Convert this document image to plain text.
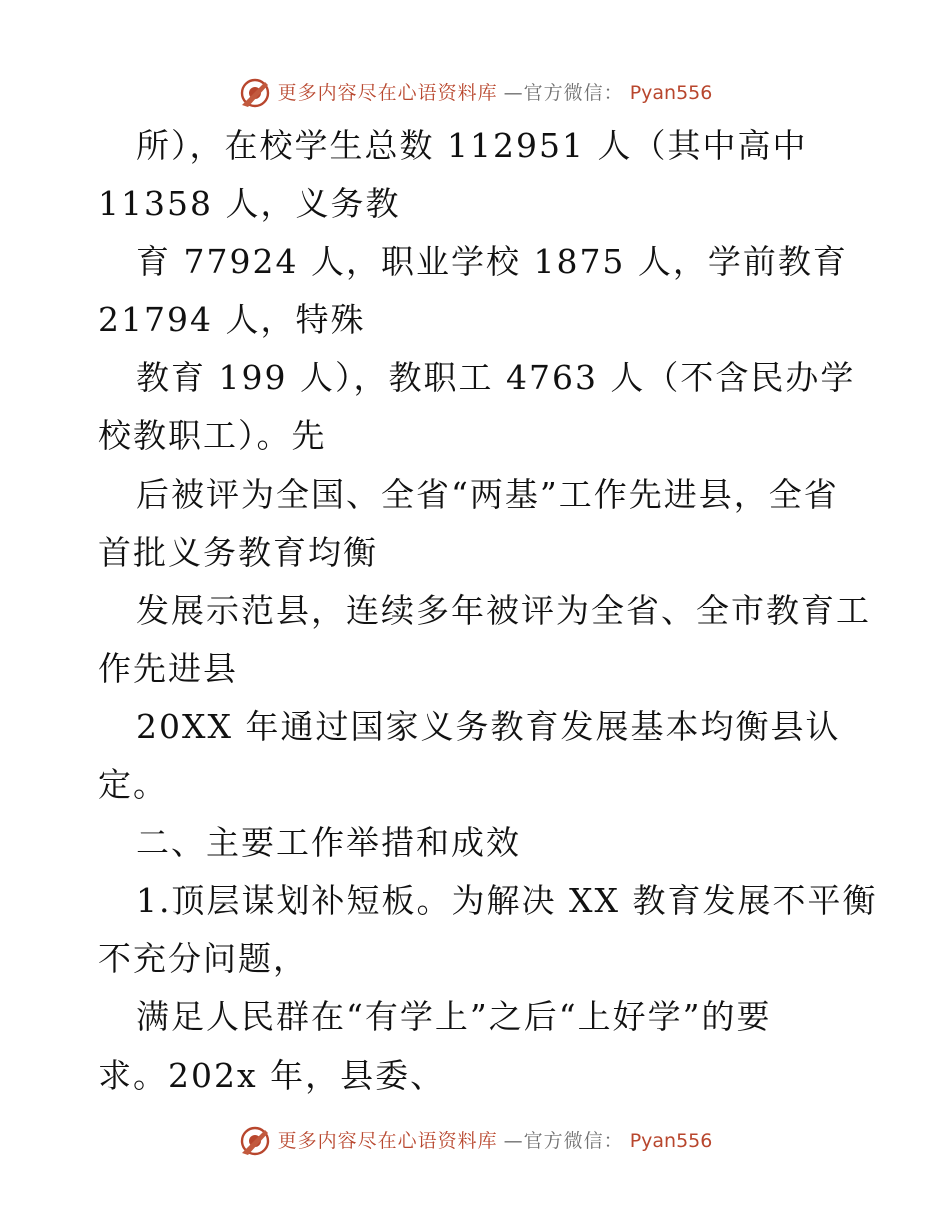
更多内容尽在心语资料库 —官方微信： Pyan556
所），在校学生总数 112951 人（其中高中
11358 人，义务教
育 77924 人，职业学校 1875 人，学前教育
21794 人，特殊
教育 199 人），教职工 4763 人（不含民办学
校教职工）。先
后被评为全国、全省“两基”工作先进县，全省
首批义务教育均衡
发展示范县，连续多年被评为全省、全市教育工
作先进县
20XX 年通过国家义务教育发展基本均衡县认
定。
二、主要工作举措和成效
1.顶层谋划补短板。为解决 XX 教育发展不平衡
不充分问题，
满足人民群在“有学上”之后“上好学”的要
求。202x 年，县委、
更多内容尽在心语资料库 —官方微信： Pyan556
